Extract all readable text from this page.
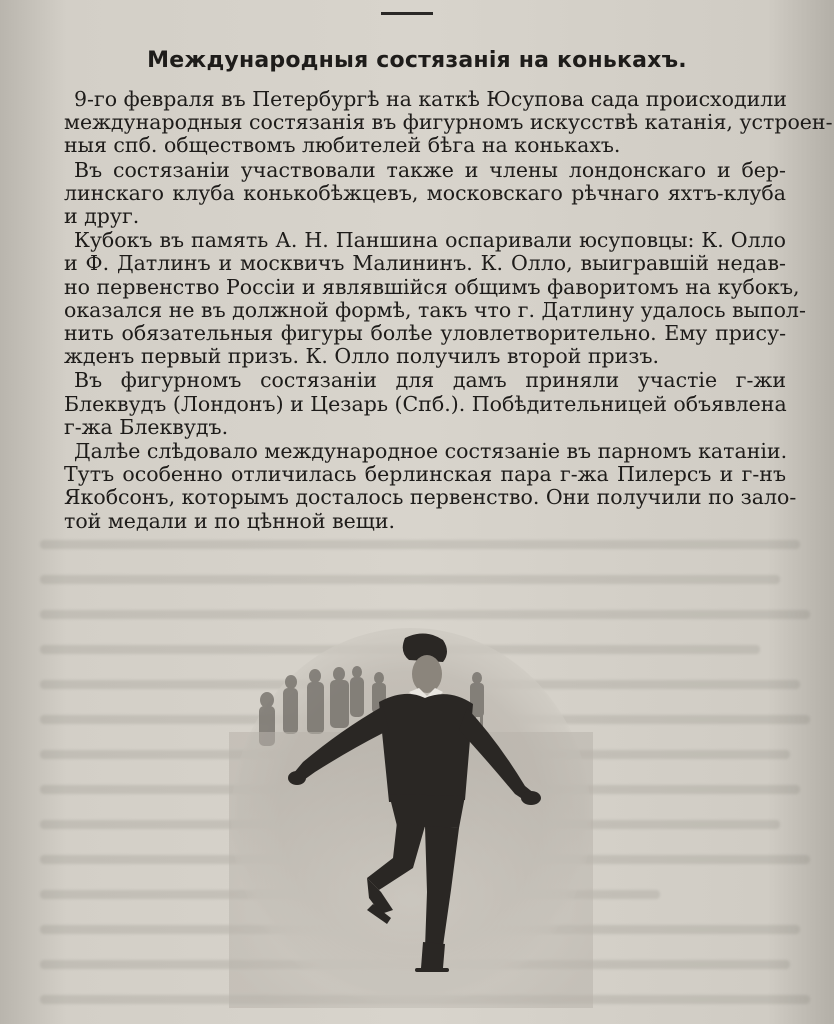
Международныя состязанія на конькахъ.

9-го февраля въ Петербургѣ на каткѣ Юсупова сада происходили
международныя состязанія въ фигурномъ искусствѣ катанія, устроен-
ныя спб. обществомъ любителей бѣга на конькахъ.

Въ состязаніи участвовали также и члены лондонскаго и бер-
линскаго клуба конькобѣжцевъ, московскаго рѣчнаго яхтъ-клуба
и друг.

Кубокъ въ память А. Н. Паншина оспаривали юсуповцы: К. Олло
и Ф. Датлинъ и москвичъ Малининъ. К. Олло, выигравшій недав-
но первенство Россіи и являвшійся общимъ фаворитомъ на кубокъ,
оказался не въ должной формѣ, такъ что г. Датлину удалось выпол-
нить обязательныя фигуры болѣе уловлетворительно. Ему прису-
жденъ первый призъ. К. Олло получилъ второй призъ.

Въ фигурномъ состязаніи для дамъ приняли участіе г-жи
Блеквудъ (Лондонъ) и Цезарь (Спб.). Побѣдительницей объявлена
г-жа Блеквудъ.

Далѣе слѣдовало международное состязаніе въ парномъ катаніи.
Тутъ особенно отличилась берлинская пара г-жа Пилерсъ и г-нъ
Якобсонъ, которымъ досталось первенство. Они получили по зало-
той медали и по цѣнной вещи.
